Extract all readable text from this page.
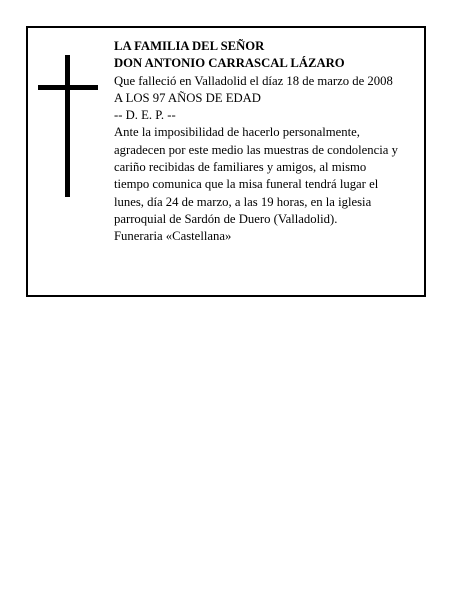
LA FAMILIA DEL SEÑOR
DON ANTONIO CARRASCAL LÁZARO
Que falleció en Valladolid el díaz 18 de marzo de 2008
A LOS 97 AÑOS DE EDAD
-- D. E. P. --
Ante la imposibilidad de hacerlo personalmente,
agradecen por este medio las muestras de condolencia y
cariño recibidas de familiares y amigos, al mismo
tiempo comunica que la misa funeral tendrá lugar el
lunes, día 24 de marzo, a las 19 horas, en la iglesia
parroquial de Sardón de Duero (Valladolid).
Funeraria «Castellana»
